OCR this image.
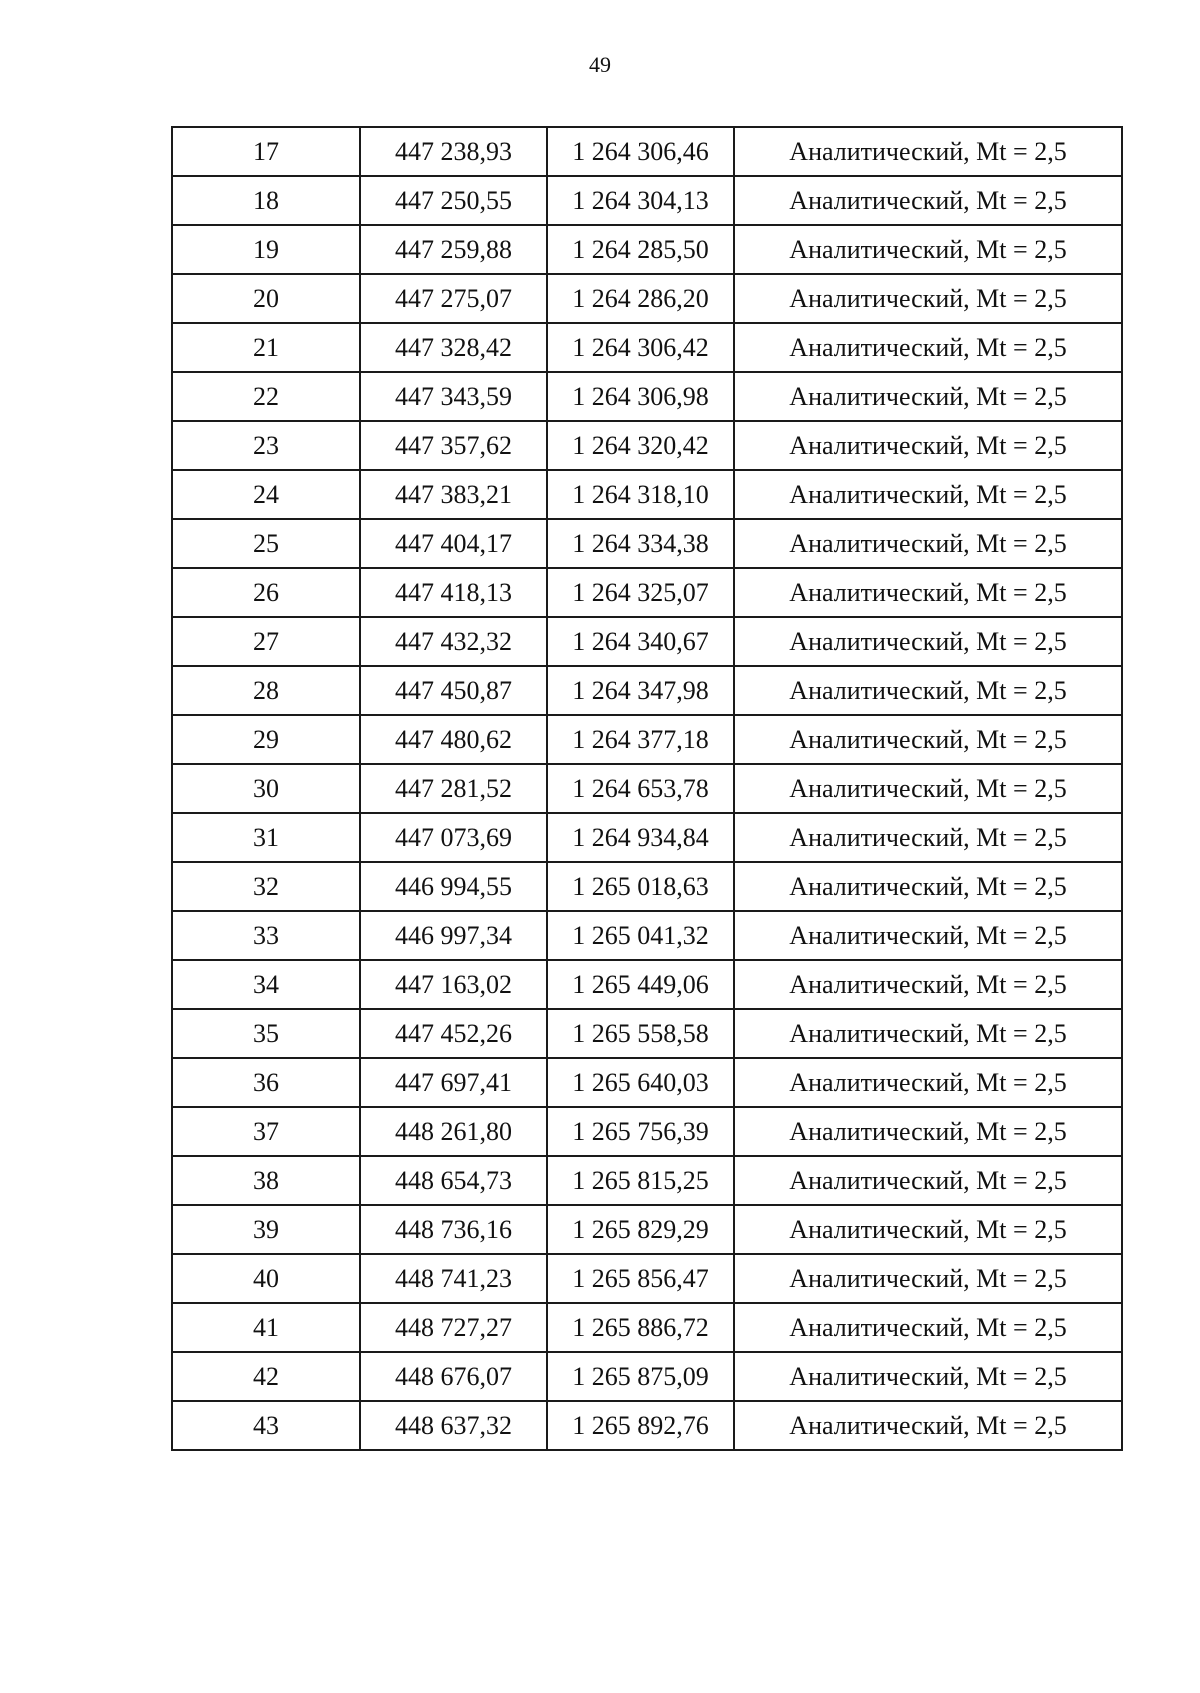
49
17	447 238,93	1 264 306,46	Аналитический, Mt = 2,5
18	447 250,55	1 264 304,13	Аналитический, Mt = 2,5
19	447 259,88	1 264 285,50	Аналитический, Mt = 2,5
20	447 275,07	1 264 286,20	Аналитический, Mt = 2,5
21	447 328,42	1 264 306,42	Аналитический, Mt = 2,5
22	447 343,59	1 264 306,98	Аналитический, Mt = 2,5
23	447 357,62	1 264 320,42	Аналитический, Mt = 2,5
24	447 383,21	1 264 318,10	Аналитический, Mt = 2,5
25	447 404,17	1 264 334,38	Аналитический, Mt = 2,5
26	447 418,13	1 264 325,07	Аналитический, Mt = 2,5
27	447 432,32	1 264 340,67	Аналитический, Mt = 2,5
28	447 450,87	1 264 347,98	Аналитический, Mt = 2,5
29	447 480,62	1 264 377,18	Аналитический, Mt = 2,5
30	447 281,52	1 264 653,78	Аналитический, Mt = 2,5
31	447 073,69	1 264 934,84	Аналитический, Mt = 2,5
32	446 994,55	1 265 018,63	Аналитический, Mt = 2,5
33	446 997,34	1 265 041,32	Аналитический, Mt = 2,5
34	447 163,02	1 265 449,06	Аналитический, Mt = 2,5
35	447 452,26	1 265 558,58	Аналитический, Mt = 2,5
36	447 697,41	1 265 640,03	Аналитический, Mt = 2,5
37	448 261,80	1 265 756,39	Аналитический, Mt = 2,5
38	448 654,73	1 265 815,25	Аналитический, Mt = 2,5
39	448 736,16	1 265 829,29	Аналитический, Mt = 2,5
40	448 741,23	1 265 856,47	Аналитический, Mt = 2,5
41	448 727,27	1 265 886,72	Аналитический, Mt = 2,5
42	448 676,07	1 265 875,09	Аналитический, Mt = 2,5
43	448 637,32	1 265 892,76	Аналитический, Mt = 2,5
